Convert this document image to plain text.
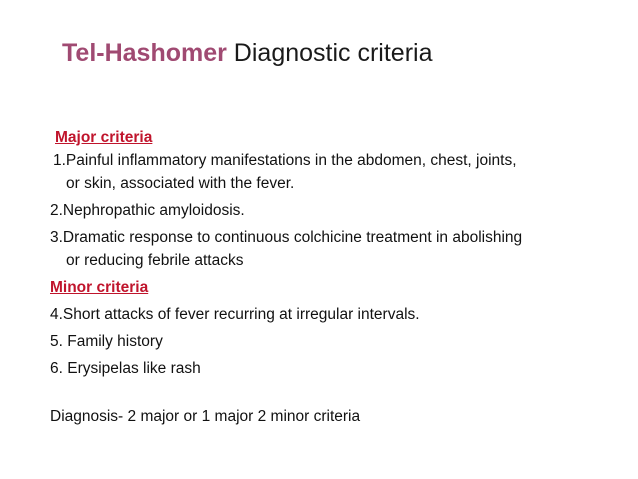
Tel-Hashomer Diagnostic criteria
Major criteria
1.Painful inflammatory manifestations in the abdomen, chest, joints,
or skin, associated with the fever.
2.Nephropathic amyloidosis.
3.Dramatic response to continuous colchicine treatment in abolishing
or reducing febrile attacks
Minor criteria
4.Short attacks of fever recurring at irregular intervals.
5. Family history
6. Erysipelas like rash
Diagnosis- 2 major or 1 major 2 minor criteria
